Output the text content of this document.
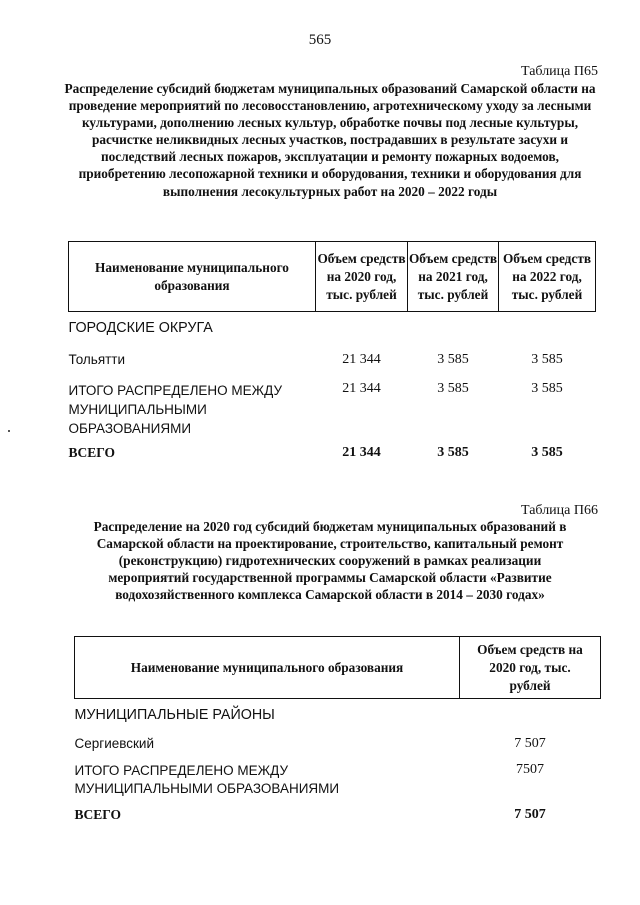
565
Таблица П65
Распределение субсидий бюджетам муниципальных образований Самарской области на проведение мероприятий по лесовосстановлению, агротехническому уходу за лесными культурами, дополнению лесных культур, обработке почвы под лесные культуры, расчистке неликвидных лесных участков, пострадавших в результате засухи и последствий лесных пожаров, эксплуатации и ремонту пожарных водоемов, приобретению лесопожарной техники и оборудования, техники и оборудования для выполнения лесокультурных работ на 2020 – 2022 годы
Наименование муниципального образования	Объем средств на 2020 год, тыс. рублей	Объем средств на 2021 год, тыс. рублей	Объем средств на 2022 год, тыс. рублей
ГОРОДСКИЕ ОКРУГА			
Тольятти	21 344	3 585	3 585
ИТОГО РАСПРЕДЕЛЕНО МЕЖДУ МУНИЦИПАЛЬНЫМИ ОБРАЗОВАНИЯМИ	21 344	3 585	3 585
ВСЕГО	21 344	3 585	3 585
Таблица П66
Распределение на 2020 год субсидий бюджетам муниципальных образований в Самарской области на проектирование, строительство, капитальный ремонт (реконструкцию) гидротехнических сооружений в рамках реализации мероприятий государственной программы Самарской области «Развитие водохозяйственного комплекса Самарской области в 2014 – 2030 годах»
Наименование муниципального образования	Объем средств на 2020 год, тыс. рублей
МУНИЦИПАЛЬНЫЕ РАЙОНЫ	
Сергиевский	7 507
ИТОГО РАСПРЕДЕЛЕНО МЕЖДУ МУНИЦИПАЛЬНЫМИ ОБРАЗОВАНИЯМИ	7507
ВСЕГО	7 507
